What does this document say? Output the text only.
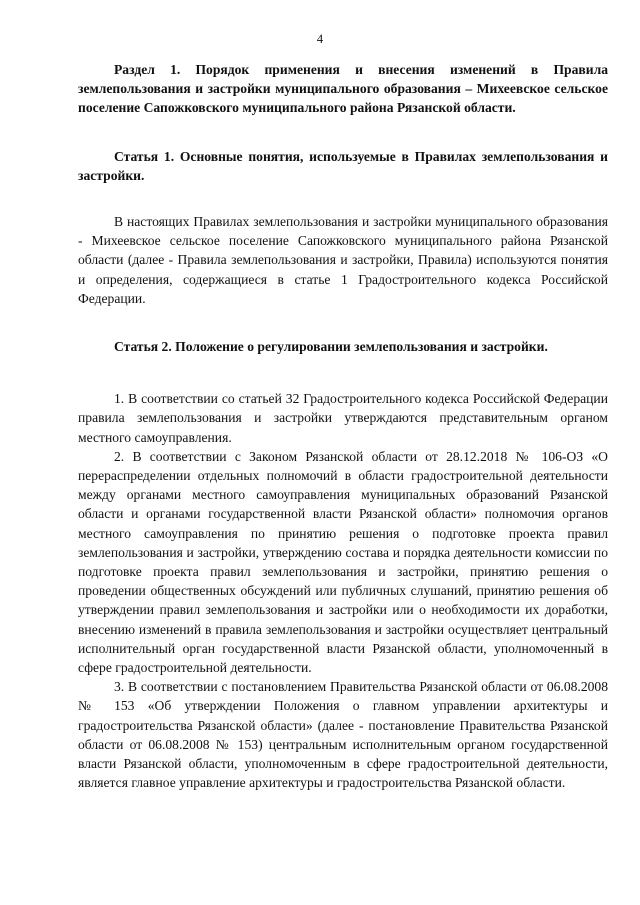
4

Раздел 1. Порядок применения и внесения изменений в Правила землепользования и застройки муниципального образования – Михеевское сельское поселение Сапожковского муниципального района Рязанской области.

Статья 1. Основные понятия, используемые в Правилах землепользования и застройки.

В настоящих Правилах землепользования и застройки муниципального образования - Михеевское сельское поселение Сапожковского муниципального района Рязанской области (далее - Правила землепользования и застройки, Правила) используются понятия и определения, содержащиеся в статье 1 Градостроительного кодекса Российской Федерации.

Статья 2. Положение о регулировании землепользования и застройки.

1. В соответствии со статьей 32 Градостроительного кодекса Российской Федерации правила землепользования и застройки утверждаются представительным органом местного самоуправления.

2. В соответствии с Законом Рязанской области от 28.12.2018 № 106-ОЗ «О перераспределении отдельных полномочий в области градостроительной деятельности между органами местного самоуправления муниципальных образований Рязанской области и органами государственной власти Рязанской области» полномочия органов местного самоуправления по принятию решения о подготовке проекта правил землепользования и застройки, утверждению состава и порядка деятельности комиссии по подготовке проекта правил землепользования и застройки, принятию решения о проведении общественных обсуждений или публичных слушаний, принятию решения об утверждении правил землепользования и застройки или о необходимости их доработки, внесению изменений в правила землепользования и застройки осуществляет центральный исполнительный орган государственной власти Рязанской области, уполномоченный в сфере градостроительной деятельности.

3. В соответствии с постановлением Правительства Рязанской области от 06.08.2008 № 153 «Об утверждении Положения о главном управлении архитектуры и градостроительства Рязанской области» (далее - постановление Правительства Рязанской области от 06.08.2008 № 153) центральным исполнительным органом государственной власти Рязанской области, уполномоченным в сфере градостроительной деятельности, является главное управление архитектуры и градостроительства Рязанской области.
